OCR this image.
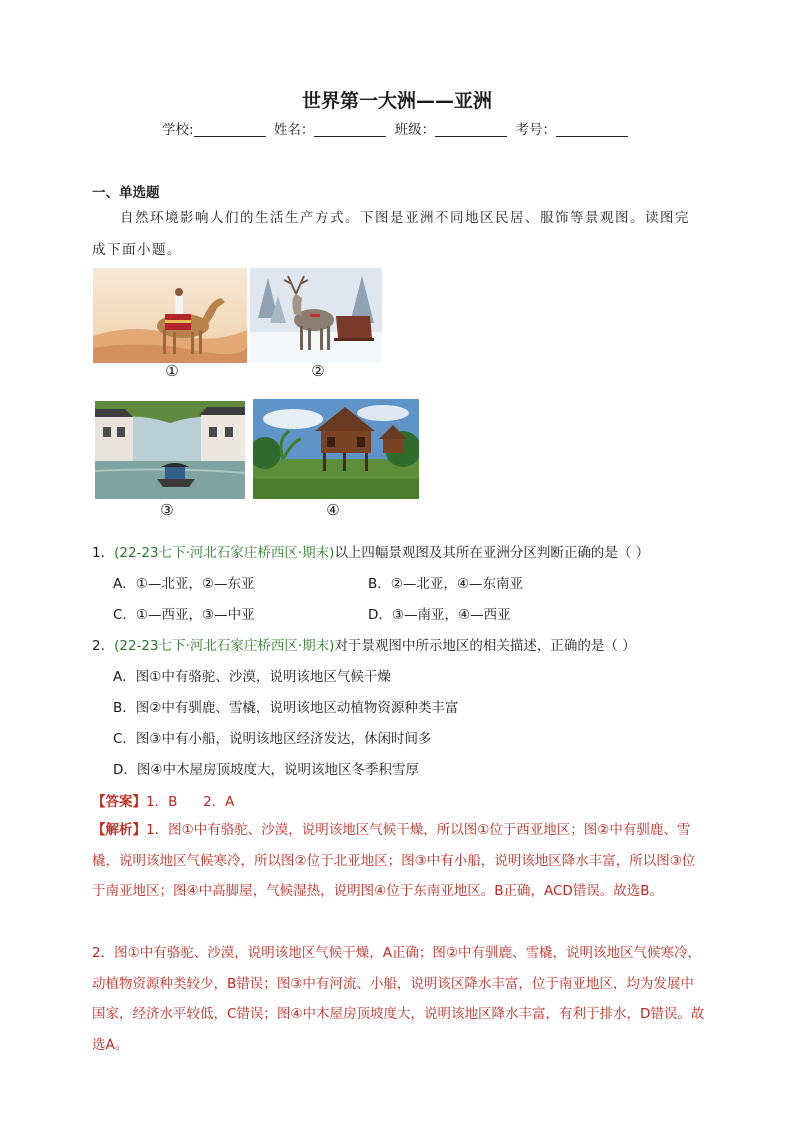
世界第一大洲——亚洲
学校:	姓名：	班级：	考号：
一、单选题
自然环境影响人们的生活生产方式。下图是亚洲不同地区民居、服饰等景观图。读图完成下面小题。
①	②
③	④
1．(22-23七下·河北石家庄桥西区·期末)以上四幅景观图及其所在亚洲分区判断正确的是（ ）
A．①—北亚，②—东亚	B．②—北亚，④—东南亚
C．①—西亚，③—中亚	D．③—南亚，④—西亚
2．(22-23七下·河北石家庄桥西区·期末)对于景观图中所示地区的相关描述，正确的是（ ）
A．图①中有骆驼、沙漠，说明该地区气候干燥
B．图②中有驯鹿、雪橇，说明该地区动植物资源种类丰富
C．图③中有小船，说明该地区经济发达，休闲时间多
D．图④中木屋房顶坡度大，说明该地区冬季积雪厚
【答案】1．B      2．A
【解析】1．图①中有骆驼、沙漠，说明该地区气候干燥，所以图①位于西亚地区；图②中有驯鹿、雪橇，说明该地区气候寒冷，所以图②位于北亚地区；图③中有小船，说明该地区降水丰富，所以图③位于南亚地区；图④中高脚屋，气候湿热，说明图④位于东南亚地区。B正确，ACD错误。故选B。
2．图①中有骆驼、沙漠，说明该地区气候干燥，A正确；图②中有驯鹿、雪橇，说明该地区气候寒冷，动植物资源种类较少，B错误；图③中有河流、小船，说明该区降水丰富，位于南亚地区，均为发展中国家，经济水平较低，C错误；图④中木屋房顶坡度大，说明该地区降水丰富，有利于排水，D错误。故选A。
